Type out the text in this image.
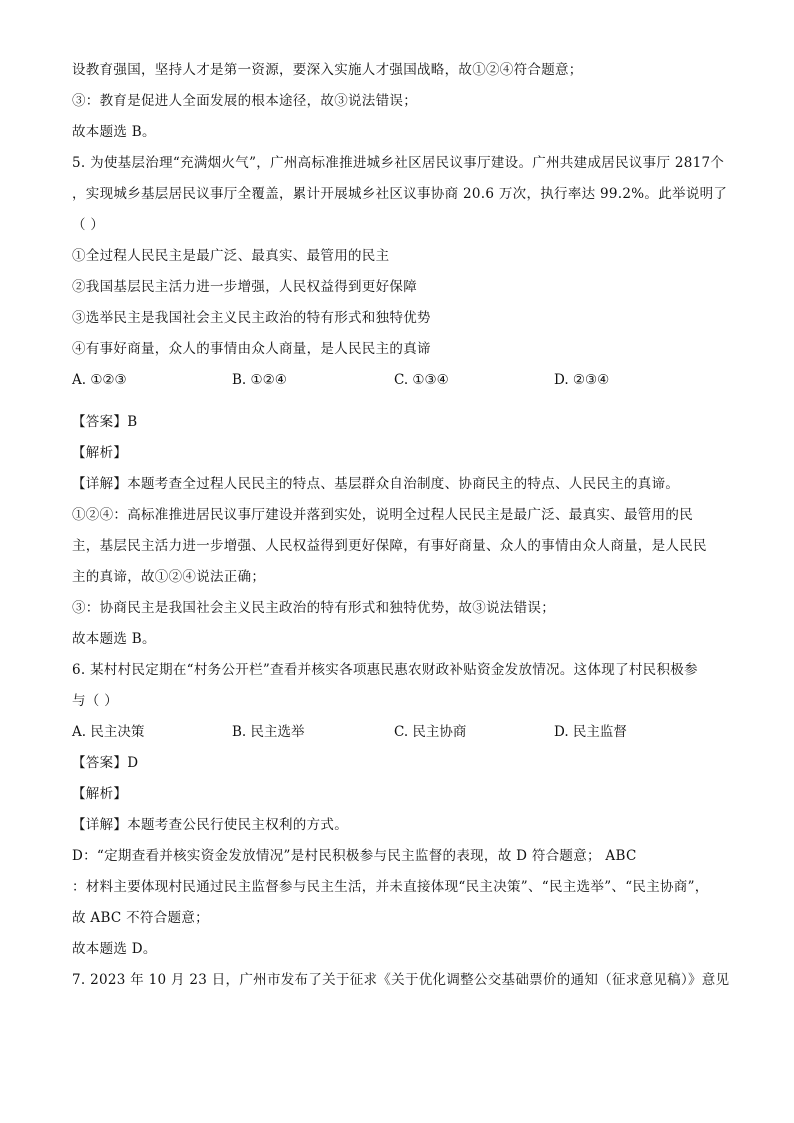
设教育强国，坚持人才是第一资源，要深入实施人才强国战略，故①②④符合题意；
③：教育是促进人全面发展的根本途径，故③说法错误；
故本题选 B。
5. 为使基层治理“充满烟火气”，广州高标准推进城乡社区居民议事厅建设。广州共建成居民议事厅 2817个
，实现城乡基层居民议事厅全覆盖，累计开展城乡社区议事协商 20.6 万次，执行率达 99.2%。此举说明了
（ ）
①全过程人民民主是最广泛、最真实、最管用的民主
②我国基层民主活力进一步增强，人民权益得到更好保障
③选举民主是我国社会主义民主政治的特有形式和独特优势
④有事好商量，众人的事情由众人商量，是人民民主的真谛
A. ①②③	B. ①②④	C. ①③④	D. ②③④
【答案】B
【解析】
【详解】本题考查全过程人民民主的特点、基层群众自治制度、协商民主的特点、人民民主的真谛。
①②④：高标准推进居民议事厅建设并落到实处，说明全过程人民民主是最广泛、最真实、最管用的民
主，基层民主活力进一步增强、人民权益得到更好保障，有事好商量、众人的事情由众人商量，是人民民
主的真谛，故①②④说法正确；
③：协商民主是我国社会主义民主政治的特有形式和独特优势，故③说法错误；
故本题选 B。
6. 某村村民定期在“村务公开栏”查看并核实各项惠民惠农财政补贴资金发放情况。这体现了村民积极参
与（ ）
A. 民主决策	B. 民主选举	C. 民主协商	D. 民主监督
【答案】D
【解析】
【详解】本题考查公民行使民主权利的方式。
D：“定期查看并核实资金发放情况”是村民积极参与民主监督的表现，故 D 符合题意； ABC
：材料主要体现村民通过民主监督参与民主生活，并未直接体现“民主决策”、“民主选举”、“民主协商”，
故 ABC 不符合题意；
故本题选 D。
7. 2023 年 10 月 23 日，广州市发布了关于征求《关于优化调整公交基础票价的通知（征求意见稿）》意见
